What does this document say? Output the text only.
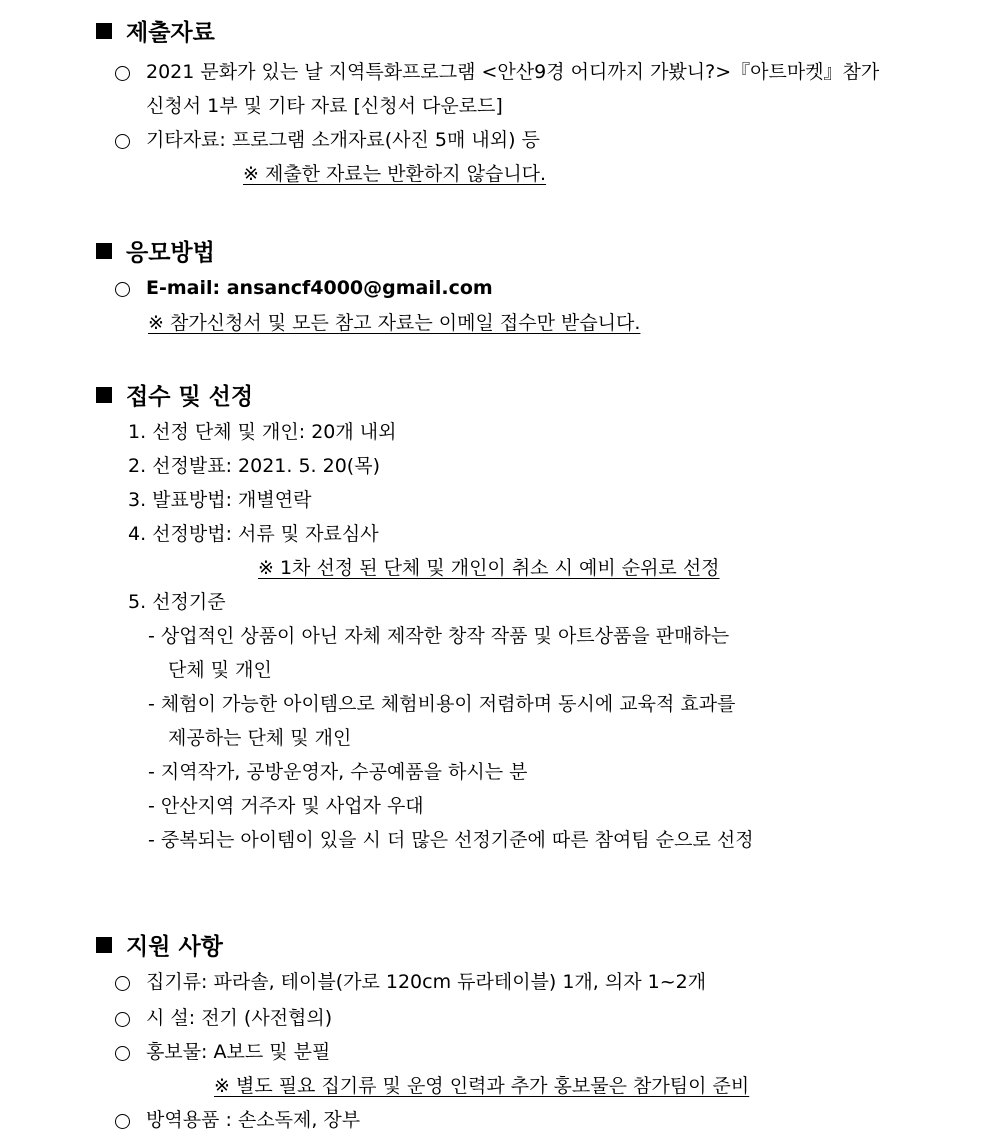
제출자료
2021 문화가 있는 날 지역특화프로그램 <안산9경 어디까지 가봤니?>『아트마켓』참가
신청서 1부 및 기타 자료 [신청서 다운로드]
기타자료: 프로그램 소개자료(사진 5매 내외) 등
※ 제출한 자료는 반환하지 않습니다.
응모방법
E-mail: ansancf4000@gmail.com
※ 참가신청서 및 모든 참고 자료는 이메일 접수만 받습니다.
접수 및 선정
1. 선정 단체 및 개인: 20개 내외
2. 선정발표: 2021. 5. 20(목)
3. 발표방법: 개별연락
4. 선정방법: 서류 및 자료심사
※ 1차 선정 된 단체 및 개인이 취소 시 예비 순위로 선정
5. 선정기준
- 상업적인 상품이 아닌 자체 제작한 창작 작품 및 아트상품을 판매하는
단체 및 개인
- 체험이 가능한 아이템으로 체험비용이 저렴하며 동시에 교육적 효과를
제공하는 단체 및 개인
- 지역작가, 공방운영자, 수공예품을 하시는 분
- 안산지역 거주자 및 사업자 우대
- 중복되는 아이템이 있을 시 더 많은 선정기준에 따른 참여팀 순으로 선정
지원 사항
집기류: 파라솔, 테이블(가로 120cm 듀라테이블) 1개, 의자 1~2개
시 설: 전기 (사전협의)
홍보물: A보드 및 분필
※ 별도 필요 집기류 및 운영 인력과 추가 홍보물은 참가팀이 준비
방역용품 : 손소독제, 장부
